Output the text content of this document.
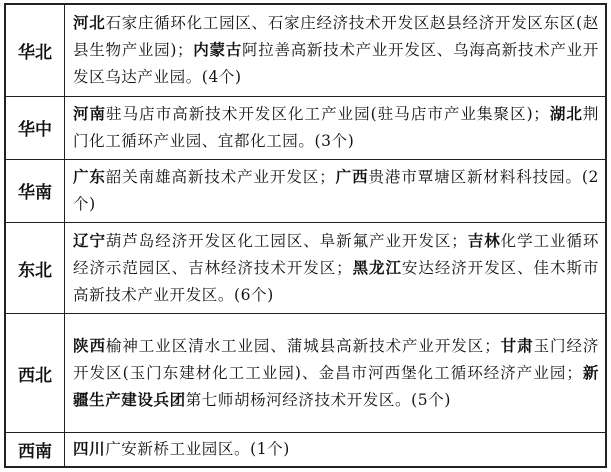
华北	河北石家庄循环化工园区、石家庄经济技术开发区赵县经济开发区东区(赵县生物产业园)；内蒙古阿拉善高新技术产业开发区、乌海高新技术产业开发区乌达产业园。(4个)
华中	河南驻马店市高新技术开发区化工产业园(驻马店市产业集聚区)；湖北荆门化工循环产业园、宜都化工园。(3个)
华南	广东韶关南雄高新技术产业开发区；广西贵港市覃塘区新材料科技园。(2个)
东北	辽宁葫芦岛经济开发区化工园区、阜新氟产业开发区；吉林化学工业循环经济示范园区、吉林经济技术开发区；黑龙江安达经济开发区、佳木斯市高新技术产业开发区。(6个)
西北	陕西榆神工业区清水工业园、蒲城县高新技术产业开发区；甘肃玉门经济开发区(玉门东建材化工工业园)、金昌市河西堡化工循环经济产业园；新疆生产建设兵团第七师胡杨河经济技术开发区。(5个)
西南	四川广安新桥工业园区。(1个)
